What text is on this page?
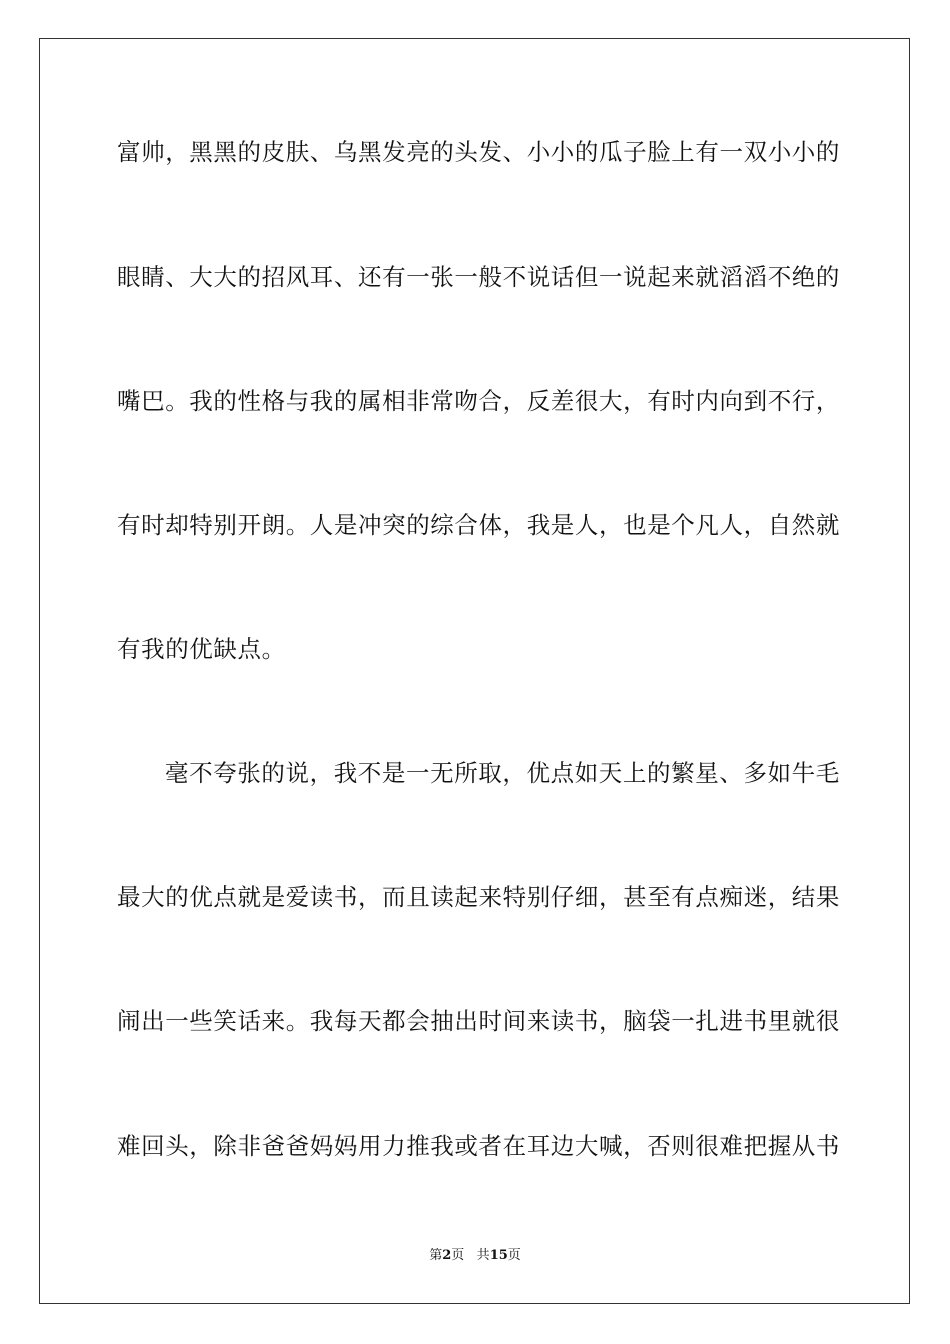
富帅，黑黑的皮肤、乌黑发亮的头发、小小的瓜子脸上有一双小小的
眼睛、大大的招风耳、还有一张一般不说话但一说起来就滔滔不绝的
嘴巴。我的性格与我的属相非常吻合，反差很大，有时内向到不行，
有时却特别开朗。人是冲突的综合体，我是人，也是个凡人，自然就
有我的优缺点。
毫不夸张的说，我不是一无所取，优点如天上的繁星、多如牛毛
最大的优点就是爱读书，而且读起来特别仔细，甚至有点痴迷，结果
闹出一些笑话来。我每天都会抽出时间来读书，脑袋一扎进书里就很
难回头，除非爸爸妈妈用力推我或者在耳边大喊，否则很难把握从书
第2页 共15页
